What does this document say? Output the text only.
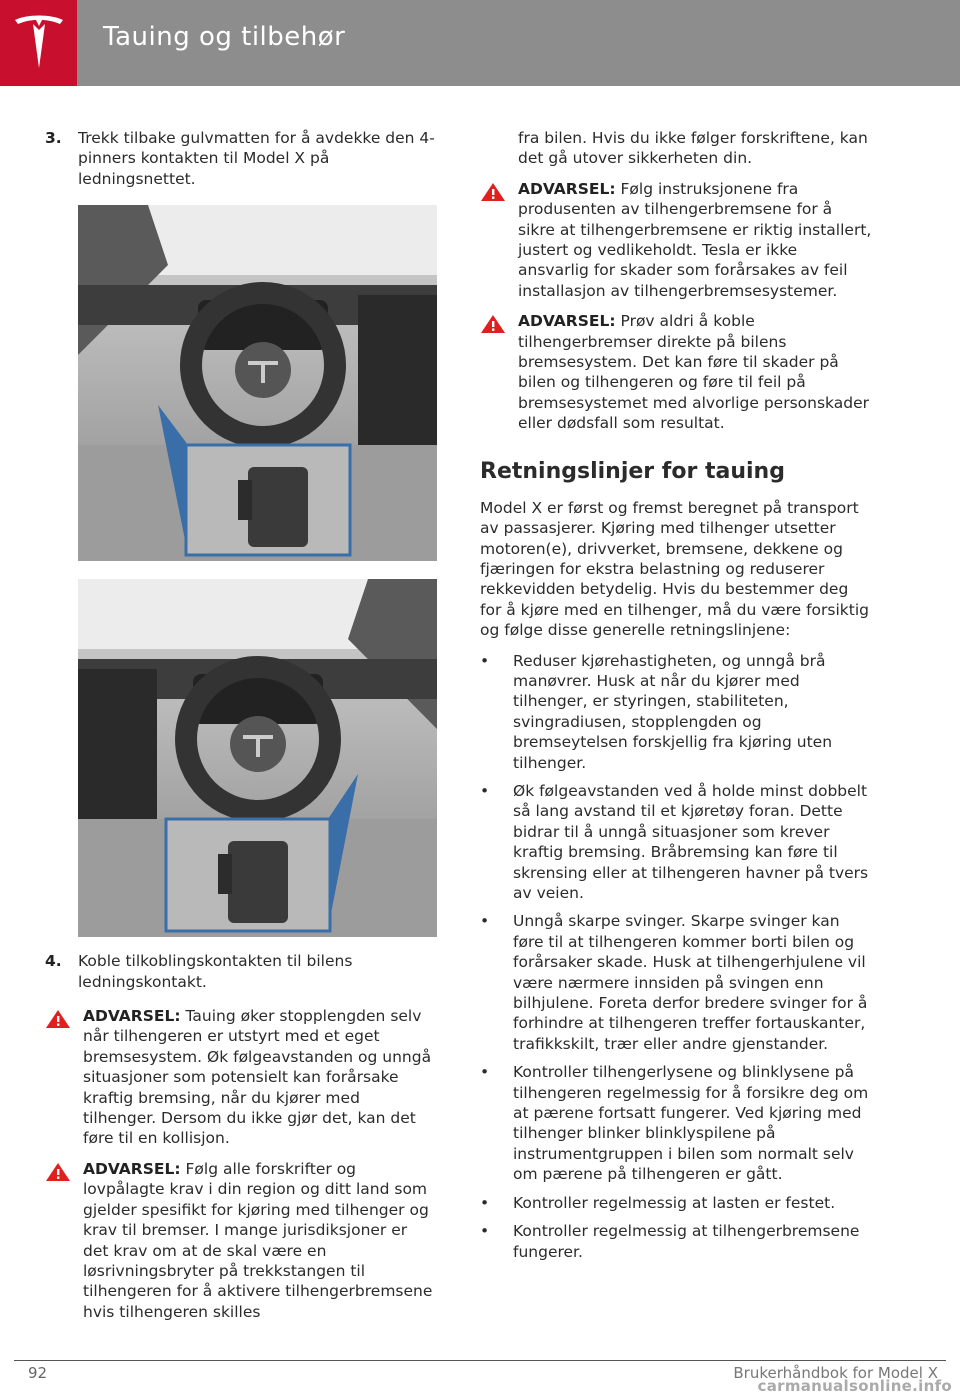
Tauing og tilbehør

3. Trekk tilbake gulvmatten for å avdekke den 4-pinners kontakten til Model X på ledningsnettet.

4. Koble tilkoblingskontakten til bilens ledningskontakt.

ADVARSEL: Tauing øker stopplengden selv når tilhengeren er utstyrt med et eget bremsesystem. Øk følgeavstanden og unngå situasjoner som potensielt kan forårsake kraftig bremsing, når du kjører med tilhenger. Dersom du ikke gjør det, kan det føre til en kollisjon.

ADVARSEL: Følg alle forskrifter og lovpålagte krav i din region og ditt land som gjelder spesifikt for kjøring med tilhenger og krav til bremser. I mange jurisdiksjoner er det krav om at de skal være en løsrivningsbryter på trekkstangen til tilhengeren for å aktivere tilhengerbremsene hvis tilhengeren skilles

fra bilen. Hvis du ikke følger forskriftene, kan det gå utover sikkerheten din.

ADVARSEL: Følg instruksjonene fra produsenten av tilhengerbremsene for å sikre at tilhengerbremsene er riktig installert, justert og vedlikeholdt. Tesla er ikke ansvarlig for skader som forårsakes av feil installasjon av tilhengerbremsesystemer.

ADVARSEL: Prøv aldri å koble tilhengerbremser direkte på bilens bremsesystem. Det kan føre til skader på bilen og tilhengeren og føre til feil på bremsesystemet med alvorlige personskader eller dødsfall som resultat.

Retningslinjer for tauing

Model X er først og fremst beregnet på transport av passasjerer. Kjøring med tilhenger utsetter motoren(e), drivverket, bremsene, dekkene og fjæringen for ekstra belastning og reduserer rekkevidden betydelig. Hvis du bestemmer deg for å kjøre med en tilhenger, må du være forsiktig og følge disse generelle retningslinjene:

• Reduser kjørehastigheten, og unngå brå manøvrer. Husk at når du kjører med tilhenger, er styringen, stabiliteten, svingradiusen, stopplengden og bremseytelsen forskjellig fra kjøring uten tilhenger.

• Øk følgeavstanden ved å holde minst dobbelt så lang avstand til et kjøretøy foran. Dette bidrar til å unngå situasjoner som krever kraftig bremsing. Bråbremsing kan føre til skrensing eller at tilhengeren havner på tvers av veien.

• Unngå skarpe svinger. Skarpe svinger kan føre til at tilhengeren kommer borti bilen og forårsaker skade. Husk at tilhengerhjulene vil være nærmere innsiden på svingen enn bilhjulene. Foreta derfor bredere svinger for å forhindre at tilhengeren treffer fortauskanter, trafikkskilt, trær eller andre gjenstander.

• Kontroller tilhengerlysene og blinklysene på tilhengeren regelmessig for å forsikre deg om at pærene fortsatt fungerer. Ved kjøring med tilhenger blinker blinklyspilene på instrumentgruppen i bilen som normalt selv om pærene på tilhengeren er gått.

• Kontroller regelmessig at lasten er festet.

• Kontroller regelmessig at tilhengerbremsene fungerer.

92	Brukerhåndbok for Model X
carmanualsonline.info
